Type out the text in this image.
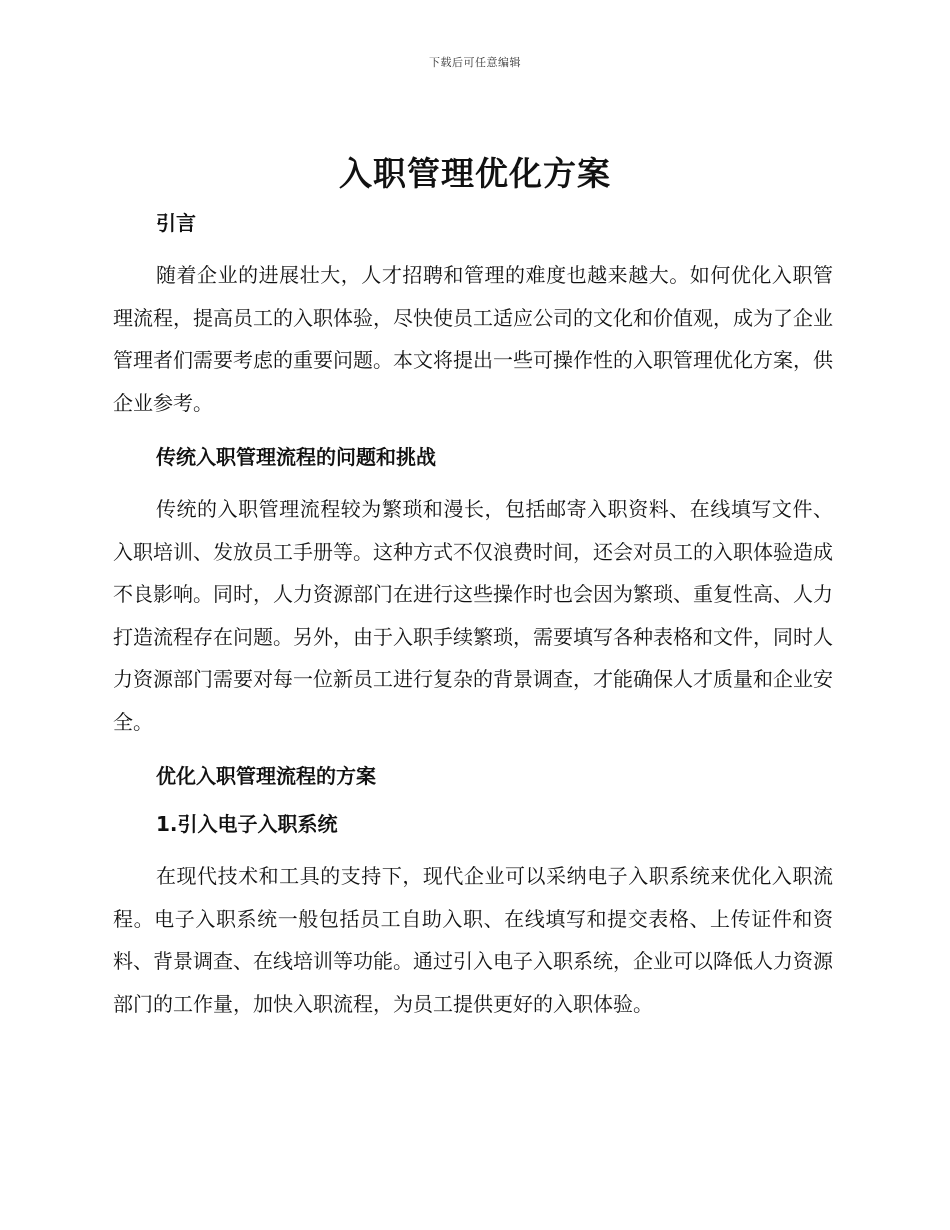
下载后可任意编辑
入职管理优化方案
引言

随着企业的进展壮大，人才招聘和管理的难度也越来越大。如何优化入职管理流程，提高员工的入职体验，尽快使员工适应公司的文化和价值观，成为了企业管理者们需要考虑的重要问题。本文将提出一些可操作性的入职管理优化方案，供企业参考。

传统入职管理流程的问题和挑战

传统的入职管理流程较为繁琐和漫长，包括邮寄入职资料、在线填写文件、入职培训、发放员工手册等。这种方式不仅浪费时间，还会对员工的入职体验造成不良影响。同时，人力资源部门在进行这些操作时也会因为繁琐、重复性高、人力打造流程存在问题。另外，由于入职手续繁琐，需要填写各种表格和文件，同时人力资源部门需要对每一位新员工进行复杂的背景调查，才能确保人才质量和企业安全。

优化入职管理流程的方案
1.引入电子入职系统

在现代技术和工具的支持下，现代企业可以采纳电子入职系统来优化入职流程。电子入职系统一般包括员工自助入职、在线填写和提交表格、上传证件和资料、背景调查、在线培训等功能。通过引入电子入职系统，企业可以降低人力资源部门的工作量，加快入职流程，为员工提供更好的入职体验。
